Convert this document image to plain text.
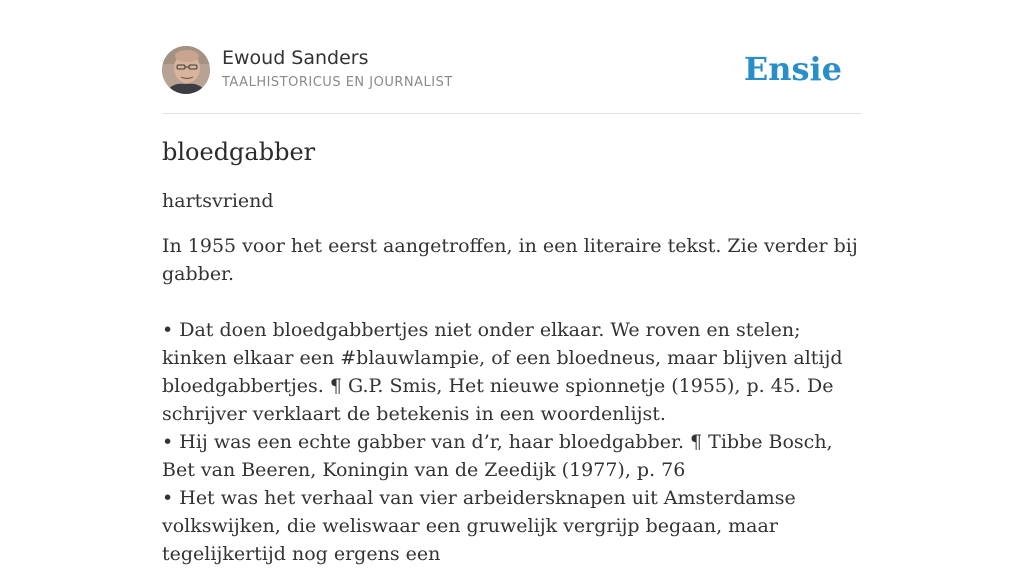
Ewoud Sanders
TAALHISTORICUS EN JOURNALIST	Ensie
bloedgabber

hartsvriend

In 1955 voor het eerst aangetroffen, in een literaire tekst. Zie verder bij gabber.

• Dat doen bloedgabbertjes niet onder elkaar. We roven en stelen; kinken elkaar een #blauwlampie, of een bloedneus, maar blijven altijd bloedgabbertjes. ¶ G.P. Smis, Het nieuwe spionnetje (1955), p. 45. De schrijver verklaart de betekenis in een woordenlijst.
• Hij was een echte gabber van d’r, haar bloedgabber. ¶ Tibbe Bosch, Bet van Beeren, Koningin van de Zeedijk (1977), p. 76
• Het was het verhaal van vier arbeidersknapen uit Amsterdamse volkswijken, die weliswaar een gruwelijk vergrijp begaan, maar tegelijkertijd nog ergens een
